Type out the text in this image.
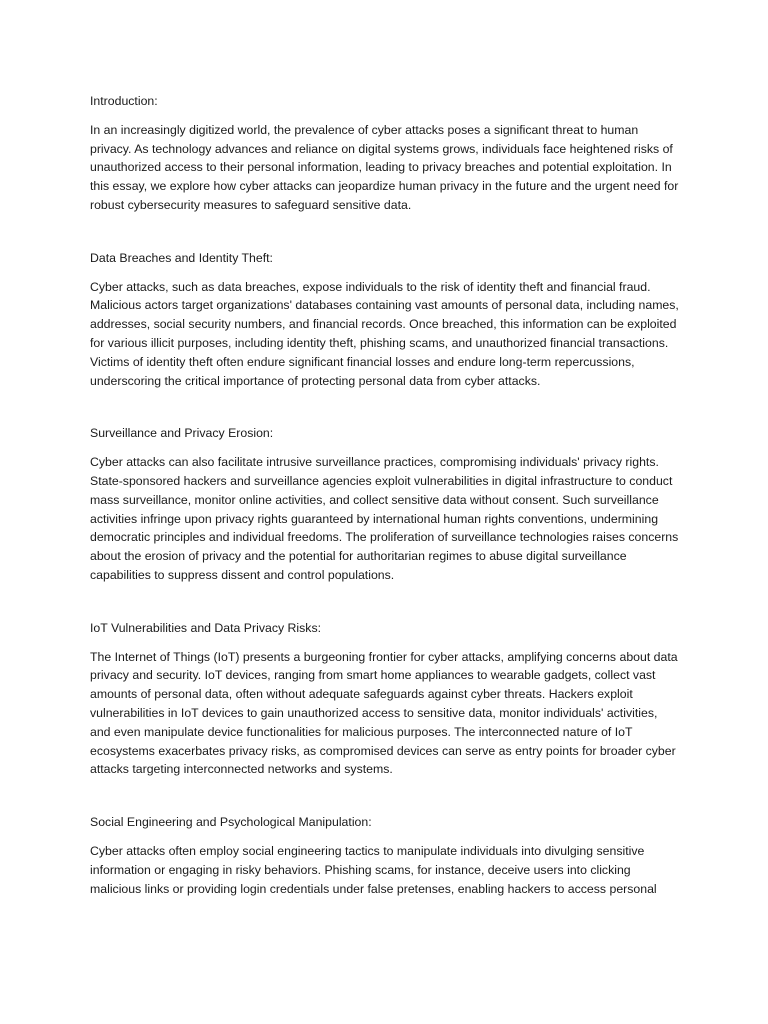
Introduction:

In an increasingly digitized world, the prevalence of cyber attacks poses a significant threat to human privacy. As technology advances and reliance on digital systems grows, individuals face heightened risks of unauthorized access to their personal information, leading to privacy breaches and potential exploitation. In this essay, we explore how cyber attacks can jeopardize human privacy in the future and the urgent need for robust cybersecurity measures to safeguard sensitive data.

Data Breaches and Identity Theft:

Cyber attacks, such as data breaches, expose individuals to the risk of identity theft and financial fraud. Malicious actors target organizations' databases containing vast amounts of personal data, including names, addresses, social security numbers, and financial records. Once breached, this information can be exploited for various illicit purposes, including identity theft, phishing scams, and unauthorized financial transactions. Victims of identity theft often endure significant financial losses and endure long-term repercussions, underscoring the critical importance of protecting personal data from cyber attacks.

Surveillance and Privacy Erosion:

Cyber attacks can also facilitate intrusive surveillance practices, compromising individuals' privacy rights. State-sponsored hackers and surveillance agencies exploit vulnerabilities in digital infrastructure to conduct mass surveillance, monitor online activities, and collect sensitive data without consent. Such surveillance activities infringe upon privacy rights guaranteed by international human rights conventions, undermining democratic principles and individual freedoms. The proliferation of surveillance technologies raises concerns about the erosion of privacy and the potential for authoritarian regimes to abuse digital surveillance capabilities to suppress dissent and control populations.

IoT Vulnerabilities and Data Privacy Risks:

The Internet of Things (IoT) presents a burgeoning frontier for cyber attacks, amplifying concerns about data privacy and security. IoT devices, ranging from smart home appliances to wearable gadgets, collect vast amounts of personal data, often without adequate safeguards against cyber threats. Hackers exploit vulnerabilities in IoT devices to gain unauthorized access to sensitive data, monitor individuals' activities, and even manipulate device functionalities for malicious purposes. The interconnected nature of IoT ecosystems exacerbates privacy risks, as compromised devices can serve as entry points for broader cyber attacks targeting interconnected networks and systems.

Social Engineering and Psychological Manipulation:

Cyber attacks often employ social engineering tactics to manipulate individuals into divulging sensitive information or engaging in risky behaviors. Phishing scams, for instance, deceive users into clicking malicious links or providing login credentials under false pretenses, enabling hackers to access personal
